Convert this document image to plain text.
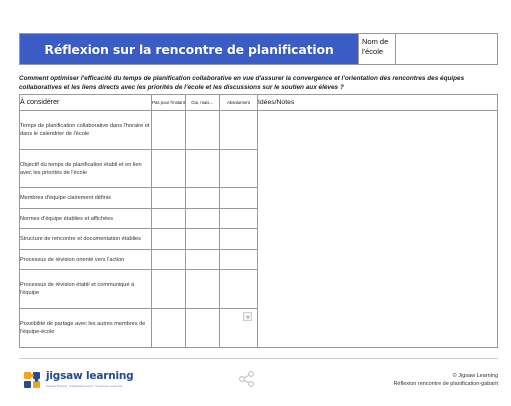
Réflexion sur la rencontre de planification	Nom de l'école
Comment optimiser l'efficacité du temps de planification collaborative en vue d'assurer la convergence et l'orientation des rencontres des équipes collaboratives et les liens directs avec les priorités de l'école et les discussions sur le soutien aux élèves ?
À considérer	Pas pour l'instant	Oui, mais…	Absolument	Idées/Notes
Temps de planification collaborative dans l'horaire et dans le calendrier de l'école				
Objectif du temps de planification établi et en lien avec les priorités de l'école				
Membres d'équipe clairement définis				
Normes d'équipe établies et affichées				
Structure de rencontre et documentation établies				
Processus de révision orienté vers l'action				
Processus de révision établi et communiqué à l'équipe				
Possibilité de partage avec les autres membres de l'équipe-école				
jigsaw learning
Strategic Planning · Collaborative Inquiry · Responsive Leadership
© Jigsaw Learning
Réflexion rencontre de planification-gabarit
